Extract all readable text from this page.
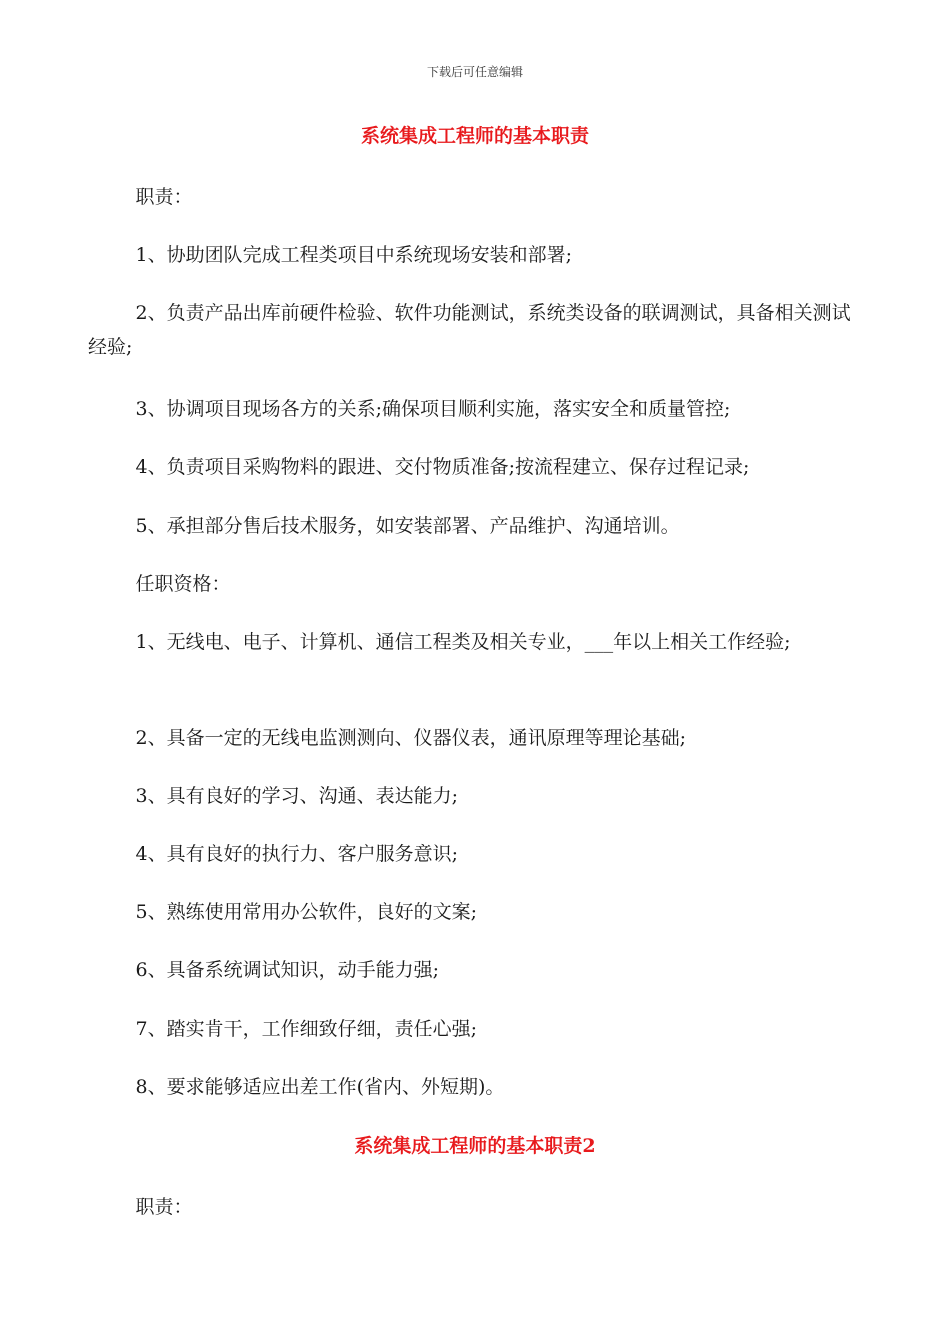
下载后可任意编辑
系统集成工程师的基本职责
职责：
1、协助团队完成工程类项目中系统现场安装和部署;
2、负责产品出库前硬件检验、软件功能测试，系统类设备的联调测试，具备相关测试经验;
3、协调项目现场各方的关系;确保项目顺利实施，落实安全和质量管控;
4、负责项目采购物料的跟进、交付物质准备;按流程建立、保存过程记录;
5、承担部分售后技术服务，如安装部署、产品维护、沟通培训。
任职资格：
1、无线电、电子、计算机、通信工程类及相关专业，___年以上相关工作经验;
2、具备一定的无线电监测测向、仪器仪表，通讯原理等理论基础;
3、具有良好的学习、沟通、表达能力;
4、具有良好的执行力、客户服务意识;
5、熟练使用常用办公软件，良好的文案;
6、具备系统调试知识，动手能力强;
7、踏实肯干，工作细致仔细，责任心强;
8、要求能够适应出差工作(省内、外短期)。
系统集成工程师的基本职责2
职责：
